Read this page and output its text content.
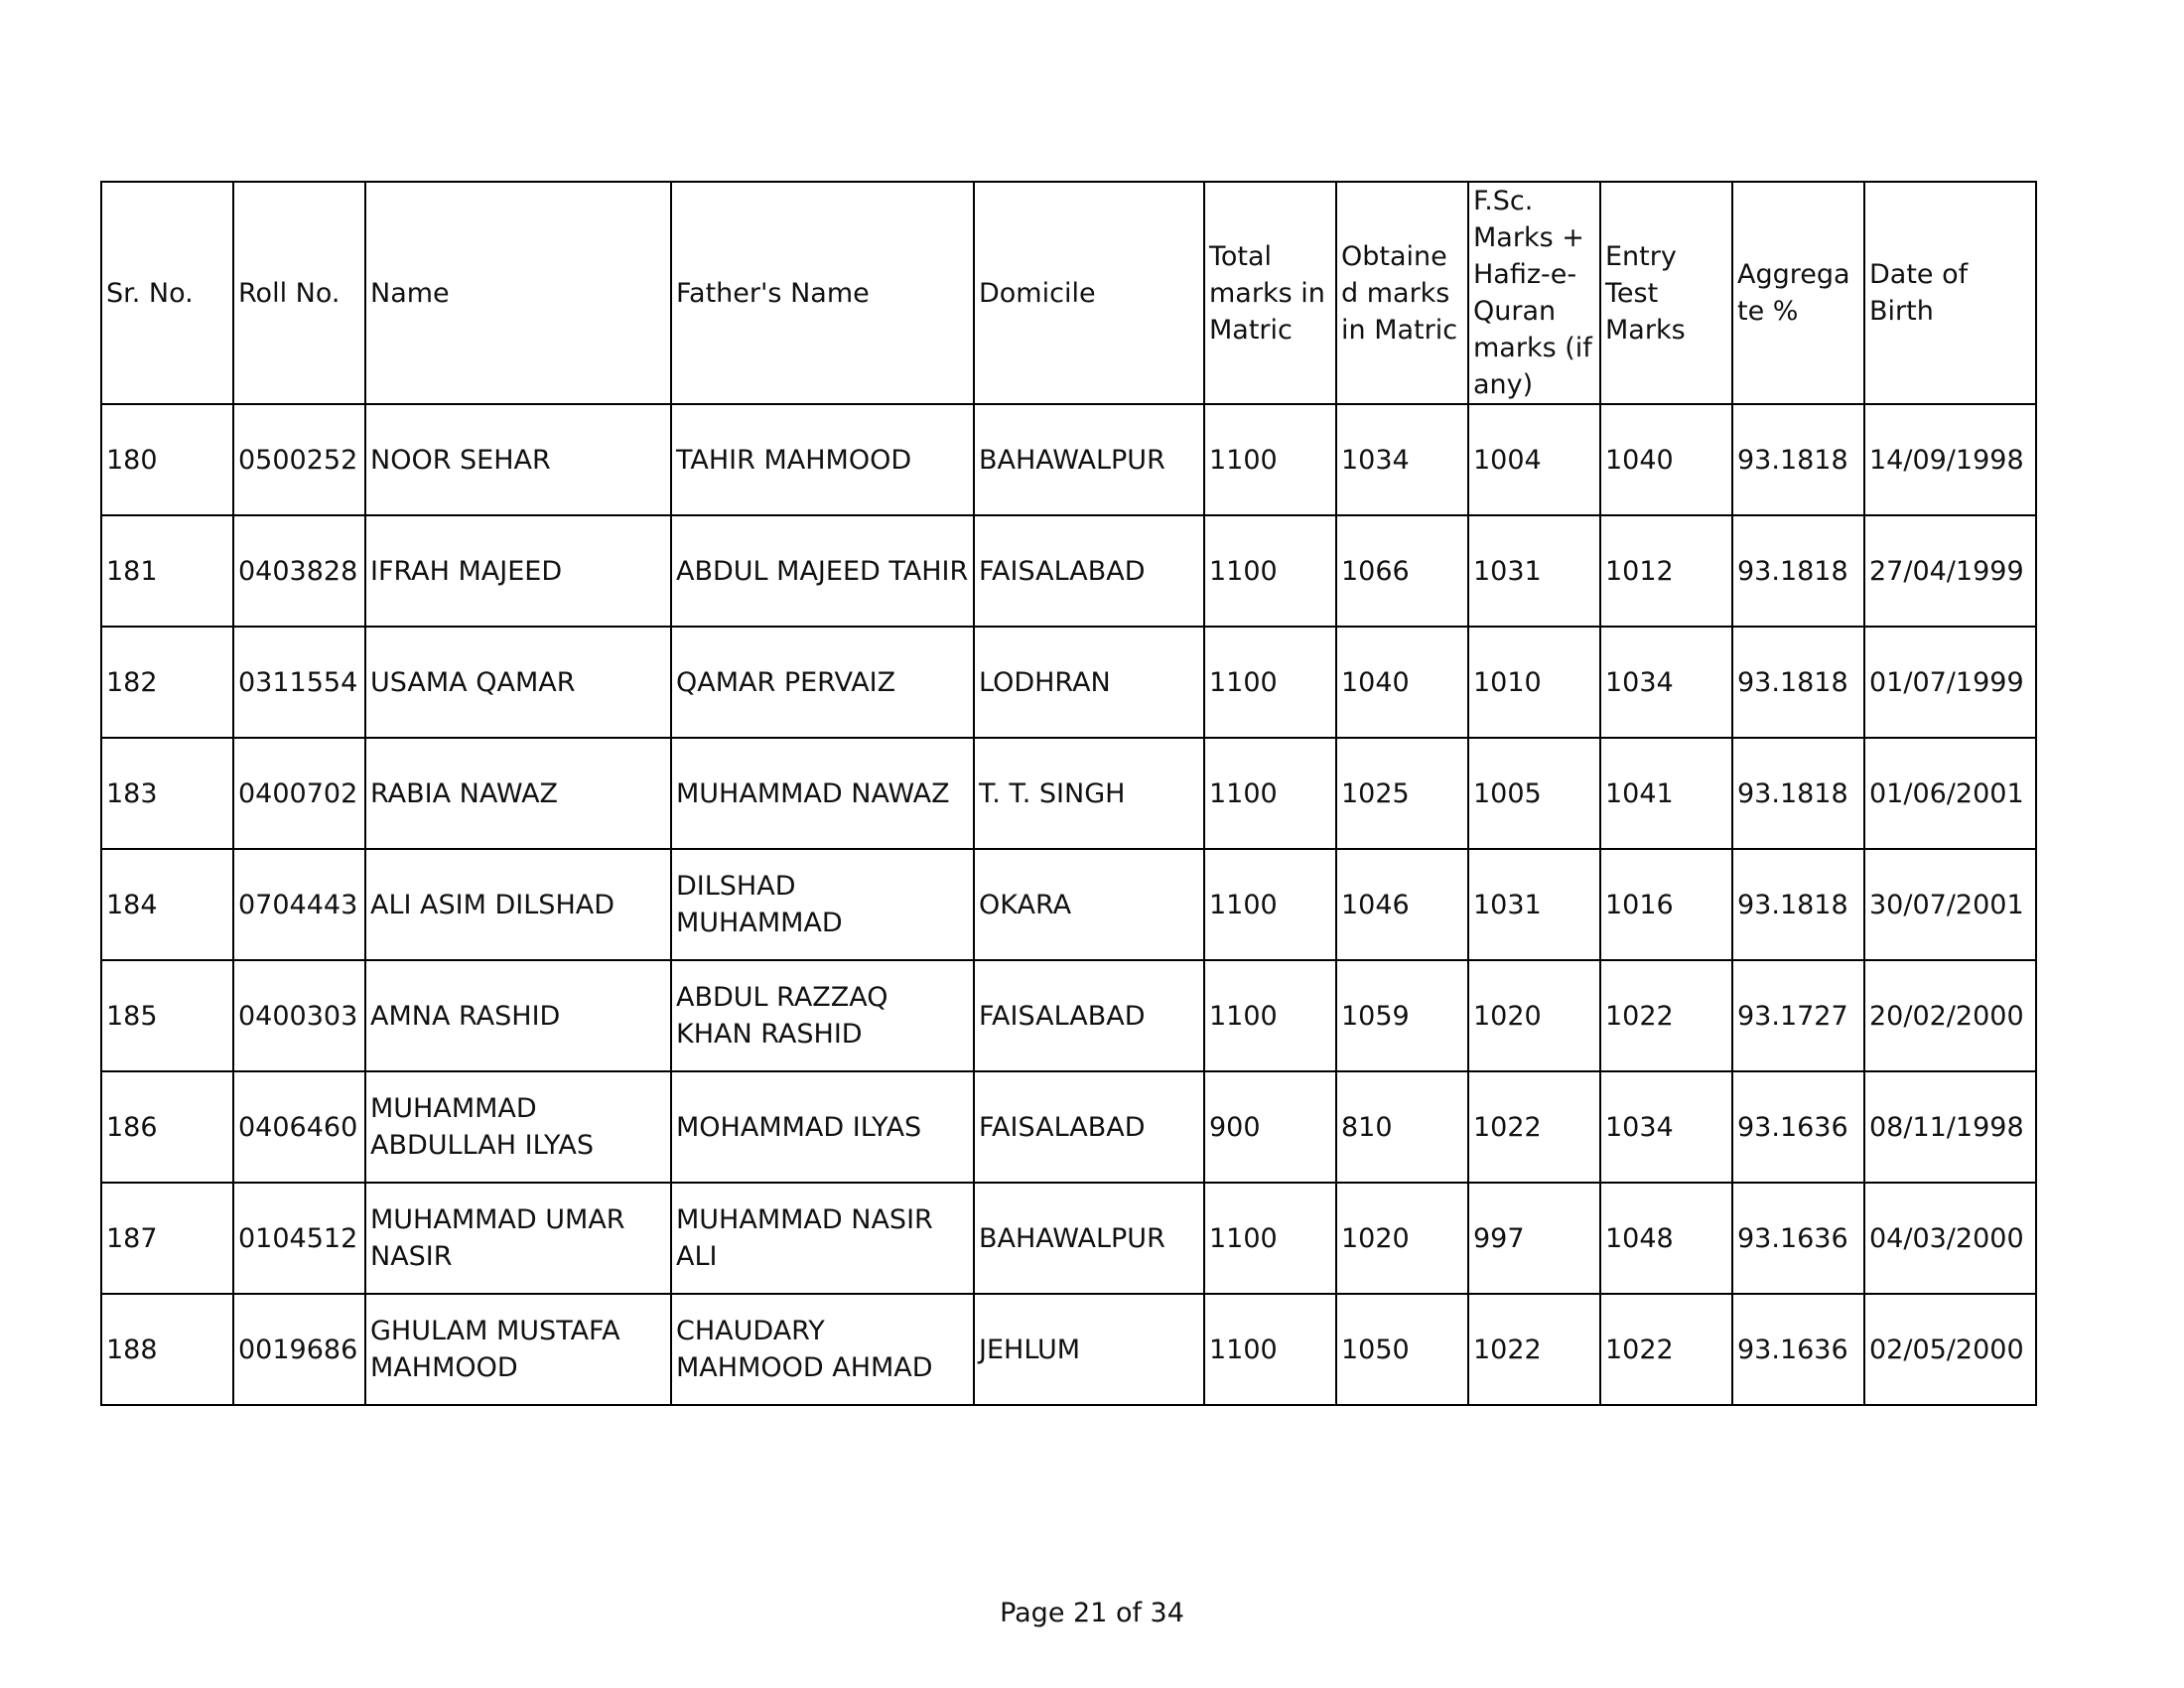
Sr. No.	Roll No.	Name	Father's Name	Domicile	Total marks in Matric	Obtained marks in Matric	F.Sc. Marks + Hafiz-e-Quran marks (if any)	Entry Test Marks	Aggregate %	Date of Birth
180	0500252	NOOR SEHAR	TAHIR MAHMOOD	BAHAWALPUR	1100	1034	1004	1040	93.1818	14/09/1998
181	0403828	IFRAH MAJEED	ABDUL MAJEED TAHIR	FAISALABAD	1100	1066	1031	1012	93.1818	27/04/1999
182	0311554	USAMA QAMAR	QAMAR PERVAIZ	LODHRAN	1100	1040	1010	1034	93.1818	01/07/1999
183	0400702	RABIA NAWAZ	MUHAMMAD NAWAZ	T. T. SINGH	1100	1025	1005	1041	93.1818	01/06/2001
184	0704443	ALI ASIM DILSHAD	DILSHAD MUHAMMAD	OKARA	1100	1046	1031	1016	93.1818	30/07/2001
185	0400303	AMNA RASHID	ABDUL RAZZAQ KHAN RASHID	FAISALABAD	1100	1059	1020	1022	93.1727	20/02/2000
186	0406460	MUHAMMAD ABDULLAH ILYAS	MOHAMMAD ILYAS	FAISALABAD	900	810	1022	1034	93.1636	08/11/1998
187	0104512	MUHAMMAD UMAR NASIR	MUHAMMAD NASIR ALI	BAHAWALPUR	1100	1020	997	1048	93.1636	04/03/2000
188	0019686	GHULAM MUSTAFA MAHMOOD	CHAUDARY MAHMOOD AHMAD	JEHLUM	1100	1050	1022	1022	93.1636	02/05/2000
Page 21 of 34
